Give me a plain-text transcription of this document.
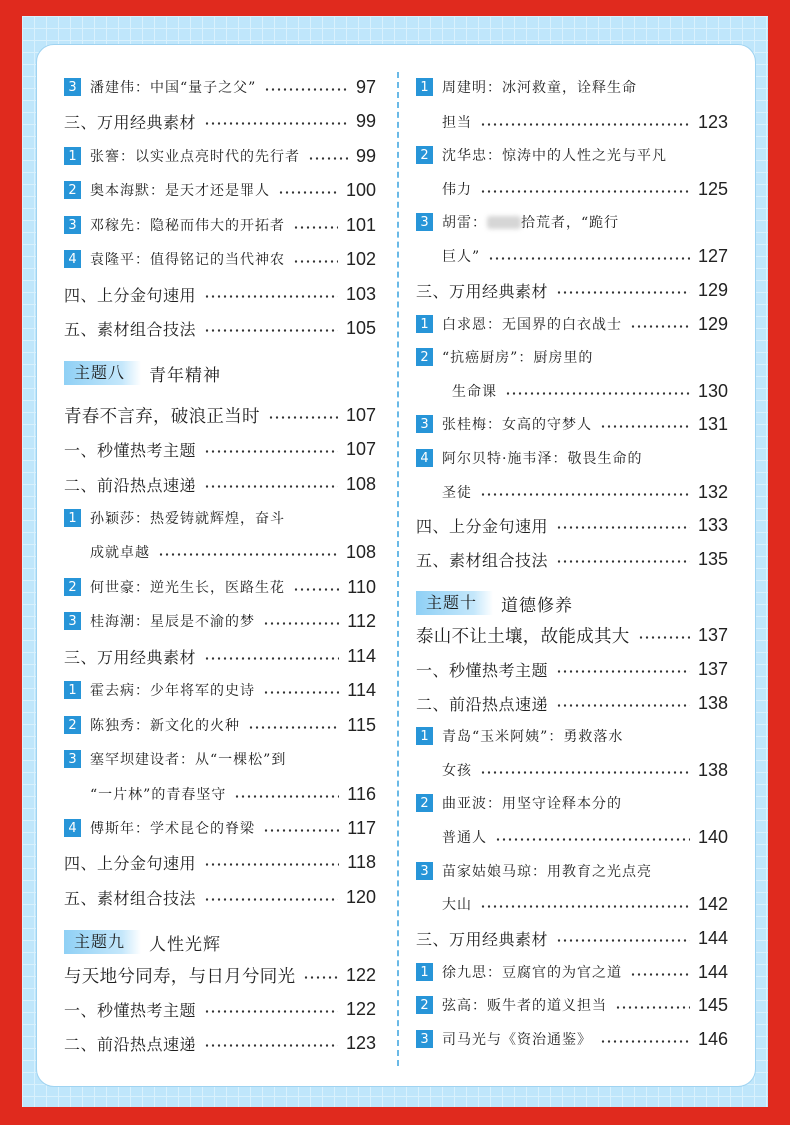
3 潘建伟：中国“量子之父”	97
三、万用经典素材	99
1 张謇：以实业点亮时代的先行者	99
2 奥本海默：是天才还是罪人	100
3 邓稼先：隐秘而伟大的开拓者	101
4 袁隆平：值得铭记的当代神农	102
四、上分金句速用	103
五、素材组合技法	105
主题八	青年精神
青春不言弃，破浪正当时	107
一、秒懂热考主题	107
二、前沿热点速递	108
1 孙颖莎：热爱铸就辉煌，奋斗
成就卓越	108
2 何世豪：逆光生长，医路生花	110
3 桂海潮：星辰是不渝的梦	112
三、万用经典素材	114
1 霍去病：少年将军的史诗	114
2 陈独秀：新文化的火种	115
3 塞罕坝建设者：从“一棵松”到
“一片林”的青春坚守	116
4 傅斯年：学术昆仑的脊梁	117
四、上分金句速用	118
五、素材组合技法	120
主题九	人性光辉
与天地兮同寿，与日月兮同光	122
一、秒懂热考主题	122
二、前沿热点速递	123
1 周建明：冰河救童，诠释生命
担当	123
2 沈华忠：惊涛中的人性之光与平凡
伟力	125
3 胡雷： 拾荒者，“跪行
巨人”	127
三、万用经典素材	129
1 白求恩：无国界的白衣战士	129
2 “抗癌厨房”：厨房里的
生命课	130
3 张桂梅：女高的守梦人	131
4 阿尔贝特·施韦泽：敬畏生命的
圣徒	132
四、上分金句速用	133
五、素材组合技法	135
主题十	道德修养
泰山不让土壤，故能成其大	137
一、秒懂热考主题	137
二、前沿热点速递	138
1 青岛“玉米阿姨”：勇救落水
女孩	138
2 曲亚波：用坚守诠释本分的
普通人	140
3 苗家姑娘马琼：用教育之光点亮
大山	142
三、万用经典素材	144
1 徐九思：豆腐官的为官之道	144
2 弦高：贩牛者的道义担当	145
3 司马光与《资治通鉴》	146
